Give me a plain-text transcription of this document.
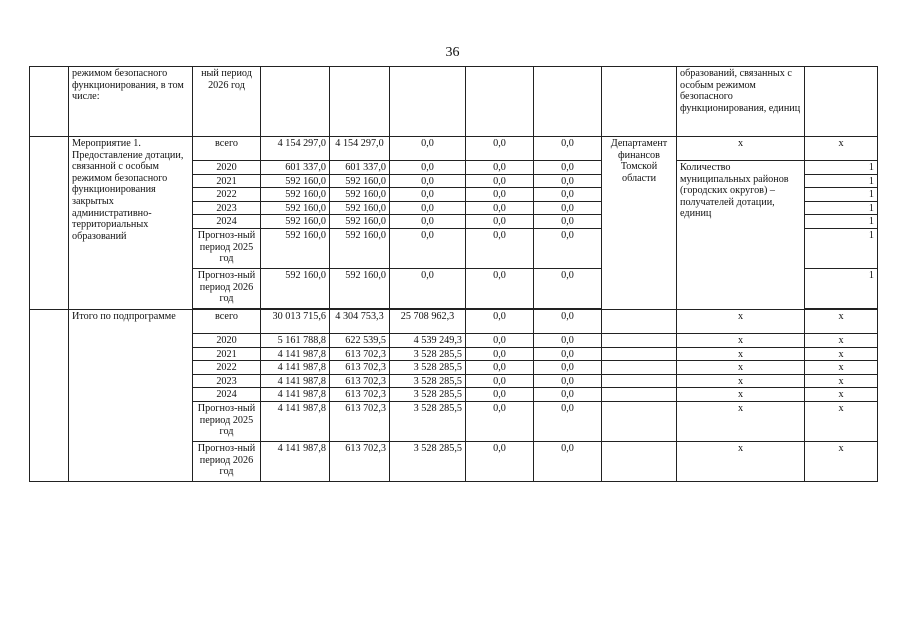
36
	режимом безопасного функционирования, в том числе:	ный период 2026 год							образований, связанных с особым режимом безопасного функционирования, единиц		
	Мероприятие 1. Предоставление дотации, связанной с особым режимом безопасного функционирования закрытых административно-территориальных образований	всего	4 154 297,0	4 154 297,0	0,0	0,0	0,0	Департамент финансов Томской области	х	х	
		2020	601 337,0	601 337,0	0,0	0,0	0,0		Количество муниципальных районов (городских округов) – получателей дотации, единиц	1	
		2021	592 160,0	592 160,0	0,0	0,0	0,0			1	
		2022	592 160,0	592 160,0	0,0	0,0	0,0			1	
		2023	592 160,0	592 160,0	0,0	0,0	0,0			1	
		2024	592 160,0	592 160,0	0,0	0,0	0,0			1	
		Прогноз-ный период 2025 год	592 160,0	592 160,0	0,0	0,0	0,0			1	
		Прогноз-ный период 2026 год	592 160,0	592 160,0	0,0	0,0	0,0			1	

	Итого по подпрограмме	всего	30 013 715,6	4 304 753,3	25 708 962,3	0,0	0,0		х	х	
		2020	5 161 788,8	622 539,5	4 539 249,3	0,0	0,0		х	х	
		2021	4 141 987,8	613 702,3	3 528 285,5	0,0	0,0		х	х	
		2022	4 141 987,8	613 702,3	3 528 285,5	0,0	0,0		х	х	
		2023	4 141 987,8	613 702,3	3 528 285,5	0,0	0,0		х	х	
		2024	4 141 987,8	613 702,3	3 528 285,5	0,0	0,0		х	х	
		Прогноз-ный период 2025 год	4 141 987,8	613 702,3	3 528 285,5	0,0	0,0		х	х	
		Прогноз-ный период 2026 год	4 141 987,8	613 702,3	3 528 285,5	0,0	0,0		х	х	
